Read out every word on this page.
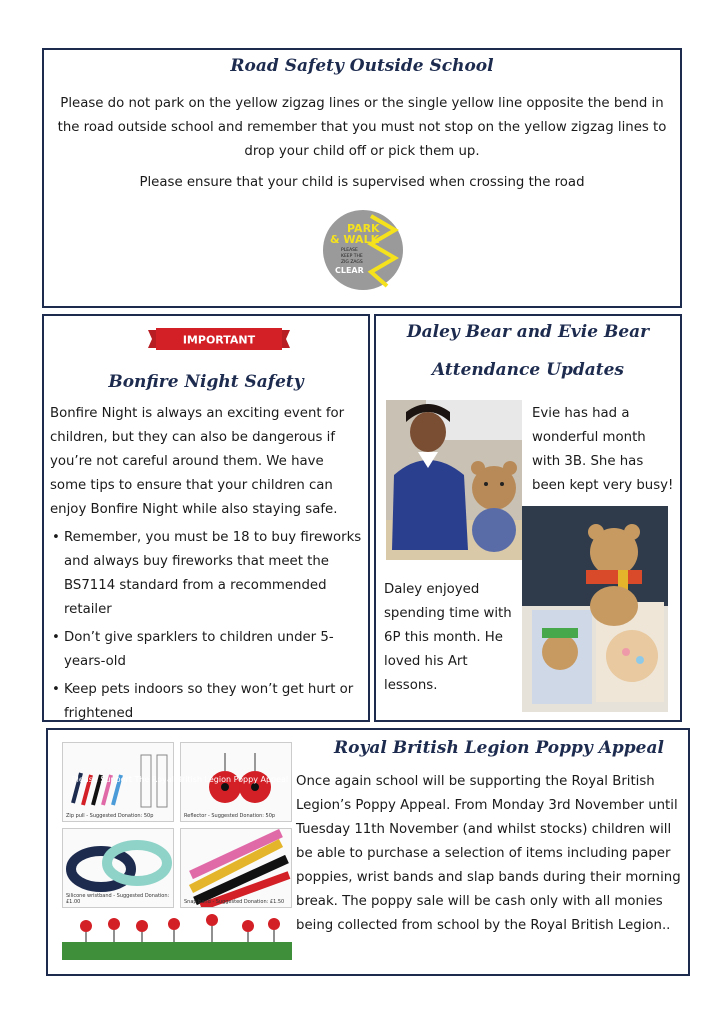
Road Safety Outside School
Please do not park on the yellow zigzag lines or the single yellow line opposite the bend in the road outside school and remember that you must not stop on the yellow zigzag lines to drop your child off or pick them up.
Please ensure that your child is supervised when crossing the road
PARK
& WALK
PLEASE
KEEP THE
ZIG ZAGS
CLEAR
IMPORTANT
Bonfire Night Safety
Bonfire Night is always an exciting event for children, but they can also be dangerous if you’re not careful around them. We have some tips to ensure that your children can enjoy Bonfire Night while also staying safe.
• Remember, you must be 18 to buy fireworks and always buy fireworks that meet the BS7114 standard from a recommended retailer
• Don’t give sparklers to children under 5-years-old
• Keep pets indoors so they won’t get hurt or frightened
Daley Bear and Evie Bear
Attendance Updates
Evie has had a wonderful month with 3B. She has been kept very busy!
Daley enjoyed spending time with 6P this month. He loved his Art lessons.
Royal British Legion Poppy Appeal
Once again school will be supporting the Royal British Legion’s Poppy Appeal. From Monday 3rd November until Tuesday 11th November (and whilst stocks) children will be able to purchase a selection of items including paper poppies, wrist bands and slap bands during their morning break. The poppy sale will be cash only with all monies being collected from school by the Royal British Legion..
Zip pull - Suggested Donation: 50p	Reflector - Suggested Donation: 50p
Silicone wristband - Suggested Donation: £1.00	Snap band - Suggested Donation: £1.50
Please Support The Royal British Legion Poppy Appeal
